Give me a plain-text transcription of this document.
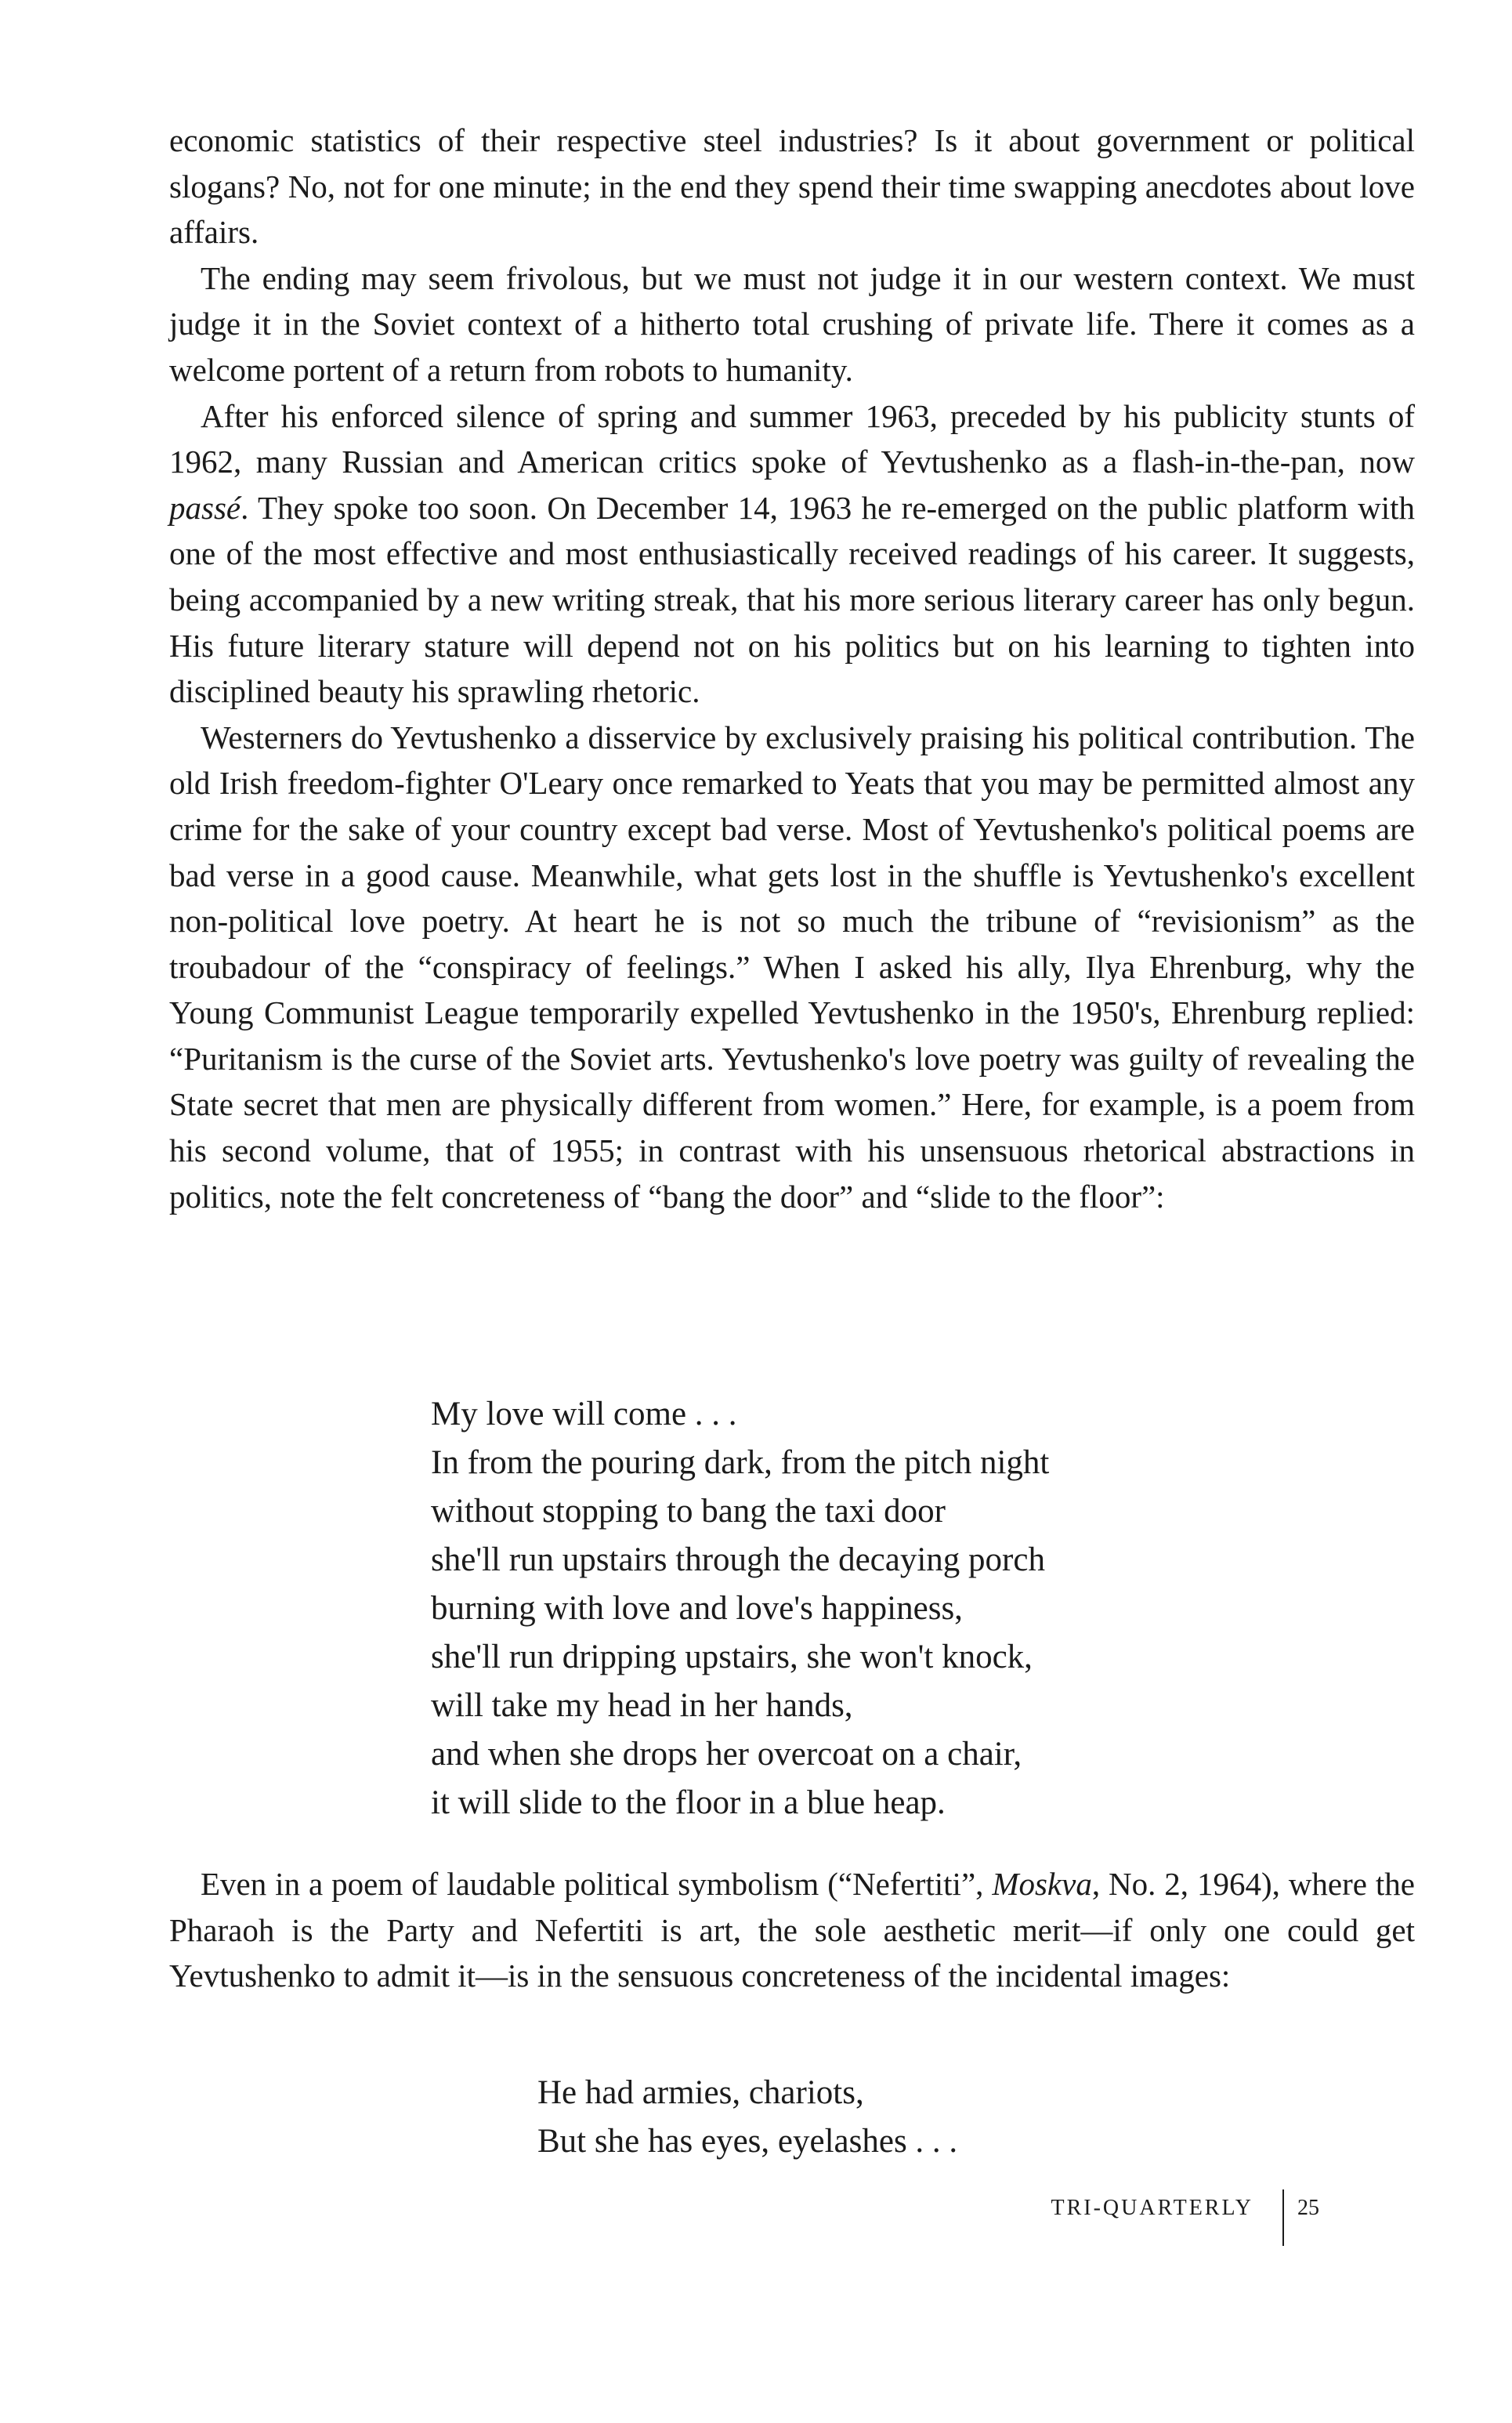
economic statistics of their respective steel industries? Is it about government or political slogans? No, not for one minute; in the end they spend their time swapping anecdotes about love affairs.

The ending may seem frivolous, but we must not judge it in our western context. We must judge it in the Soviet context of a hitherto total crushing of private life. There it comes as a welcome portent of a return from robots to humanity.

After his enforced silence of spring and summer 1963, preceded by his publicity stunts of 1962, many Russian and American critics spoke of Yevtushenko as a flash-in-the-pan, now passé. They spoke too soon. On December 14, 1963 he re-emerged on the public platform with one of the most effective and most enthusiastically received readings of his career. It suggests, being accompanied by a new writing streak, that his more serious literary career has only begun. His future literary stature will depend not on his politics but on his learning to tighten into disciplined beauty his sprawling rhetoric.

Westerners do Yevtushenko a disservice by exclusively praising his political contribution. The old Irish freedom-fighter O'Leary once remarked to Yeats that you may be permitted almost any crime for the sake of your country except bad verse. Most of Yevtushenko's political poems are bad verse in a good cause. Meanwhile, what gets lost in the shuffle is Yevtushenko's excellent non-political love poetry. At heart he is not so much the tribune of “revisionism” as the troubadour of the “conspiracy of feelings.” When I asked his ally, Ilya Ehrenburg, why the Young Communist League temporarily expelled Yevtushenko in the 1950's, Ehrenburg replied: “Puritanism is the curse of the Soviet arts. Yevtushenko's love poetry was guilty of revealing the State secret that men are physically different from women.” Here, for example, is a poem from his second volume, that of 1955; in contrast with his unsensuous rhetorical abstractions in politics, note the felt concreteness of “bang the door” and “slide to the floor”:

My love will come . . .
In from the pouring dark, from the pitch night
without stopping to bang the taxi door
she'll run upstairs through the decaying porch
burning with love and love's happiness,
she'll run dripping upstairs, she won't knock,
will take my head in her hands,
and when she drops her overcoat on a chair,
it will slide to the floor in a blue heap.

Even in a poem of laudable political symbolism (“Nefertiti”, Moskva, No. 2, 1964), where the Pharaoh is the Party and Nefertiti is art, the sole aesthetic merit—if only one could get Yevtushenko to admit it—is in the sensuous concreteness of the incidental images:

He had armies, chariots,
But she has eyes, eyelashes . . .
TRI-QUARTERLY 25
